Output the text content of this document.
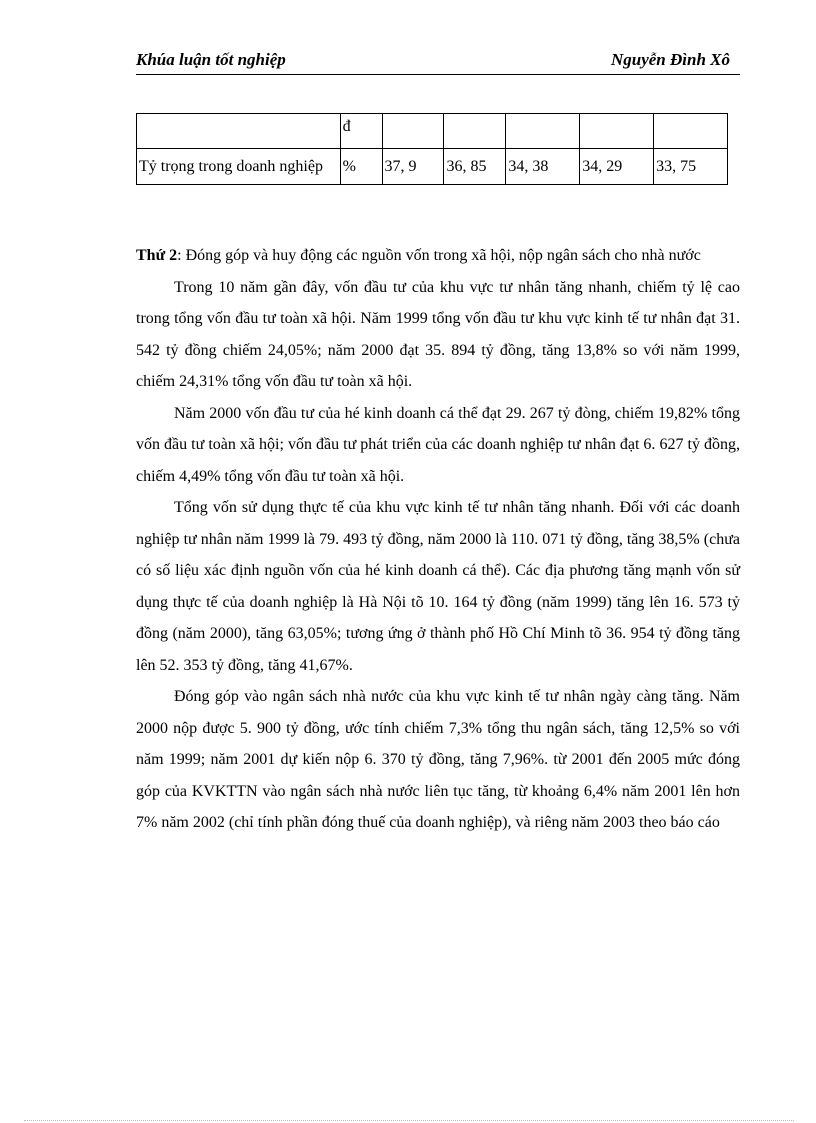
Khúa luận tốt nghiệp	Nguyễn Đình Xô
	đ					
Tỷ trọng trong doanh nghiệp	%	37, 9	36, 85	34, 38	34, 29	33, 75

Thứ 2: Đóng góp và huy động các nguồn vốn trong xã hội, nộp ngân sách cho nhà nước

Trong 10 năm gần đây, vốn đầu tư của khu vực tư nhân tăng nhanh, chiếm tỷ lệ cao trong tổng vốn đầu tư toàn xã hội. Năm 1999 tổng vốn đầu tư khu vực kinh tế tư nhân đạt 31. 542 tỷ đồng chiếm 24,05%; năm 2000 đạt 35. 894 tỷ đồng, tăng 13,8% so với năm 1999, chiếm 24,31% tổng vốn đầu tư toàn xã hội.

Năm 2000 vốn đầu tư của hé kinh doanh cá thể đạt 29. 267 tỷ đòng, chiếm 19,82% tổng vốn đầu tư toàn xã hội; vốn đầu tư phát triển của các doanh nghiệp tư nhân đạt 6. 627 tỷ đồng, chiếm 4,49% tổng vốn đầu tư toàn xã hội.

Tổng vốn sử dụng thực tế của khu vực kinh tế tư nhân tăng nhanh. Đối với các doanh nghiệp tư nhân năm 1999 là 79. 493 tỷ đồng, năm 2000 là 110. 071 tỷ đồng, tăng 38,5% (chưa có số liệu xác định nguồn vốn của hé kinh doanh cá thể). Các địa phương tăng mạnh vốn sử dụng thực tế của doanh nghiệp là Hà Nội tõ 10. 164 tỷ đồng (năm 1999) tăng lên 16. 573 tỷ đồng (năm 2000), tăng 63,05%; tương ứng ở thành phố Hồ Chí Minh tõ 36. 954 tỷ đồng tăng lên 52. 353 tỷ đồng, tăng 41,67%.

Đóng góp vào ngân sách nhà nước của khu vực kinh tế tư nhân ngày càng tăng. Năm 2000 nộp được 5. 900 tỷ đồng, ước tính chiếm 7,3% tổng thu ngân sách, tăng 12,5% so với năm 1999; năm 2001 dự kiến nộp 6. 370 tỷ đồng, tăng 7,96%. từ 2001 đến 2005 mức đóng góp của KVKTTN vào ngân sách nhà nước liên tục tăng, từ khoảng 6,4% năm 2001 lên hơn 7% năm 2002 (chỉ tính phần đóng thuế của doanh nghiệp), và riêng năm 2003 theo báo cáo
